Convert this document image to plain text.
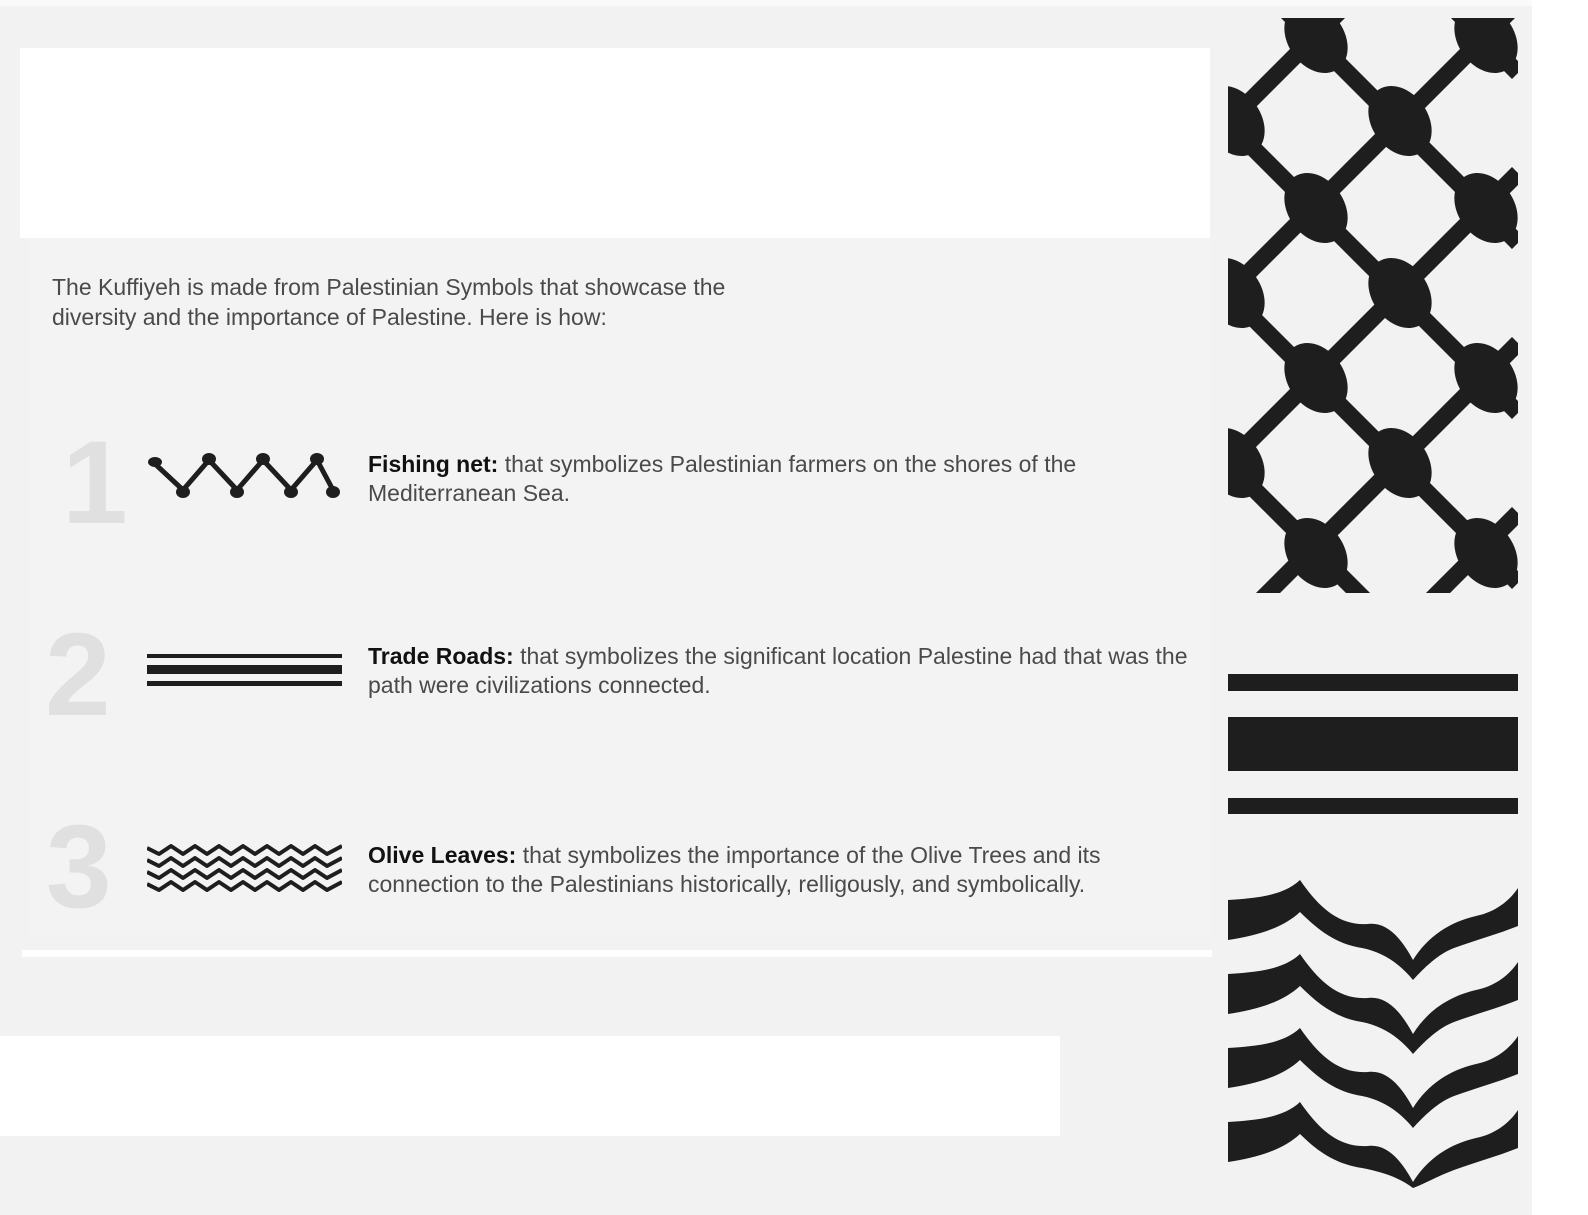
The Kuffiyeh is made from Palestinian Symbols that showcase the
diversity and the importance of Palestine. Here is how:

1	Fishing net: that symbolizes Palestinian farmers on the shores of the Mediterranean Sea.

2	Trade Roads: that symbolizes the significant location Palestine had that was the path were civilizations connected.

3	Olive Leaves: that symbolizes the importance of the Olive Trees and its connection to the Palestinians historically, relligously, and symbolically.
